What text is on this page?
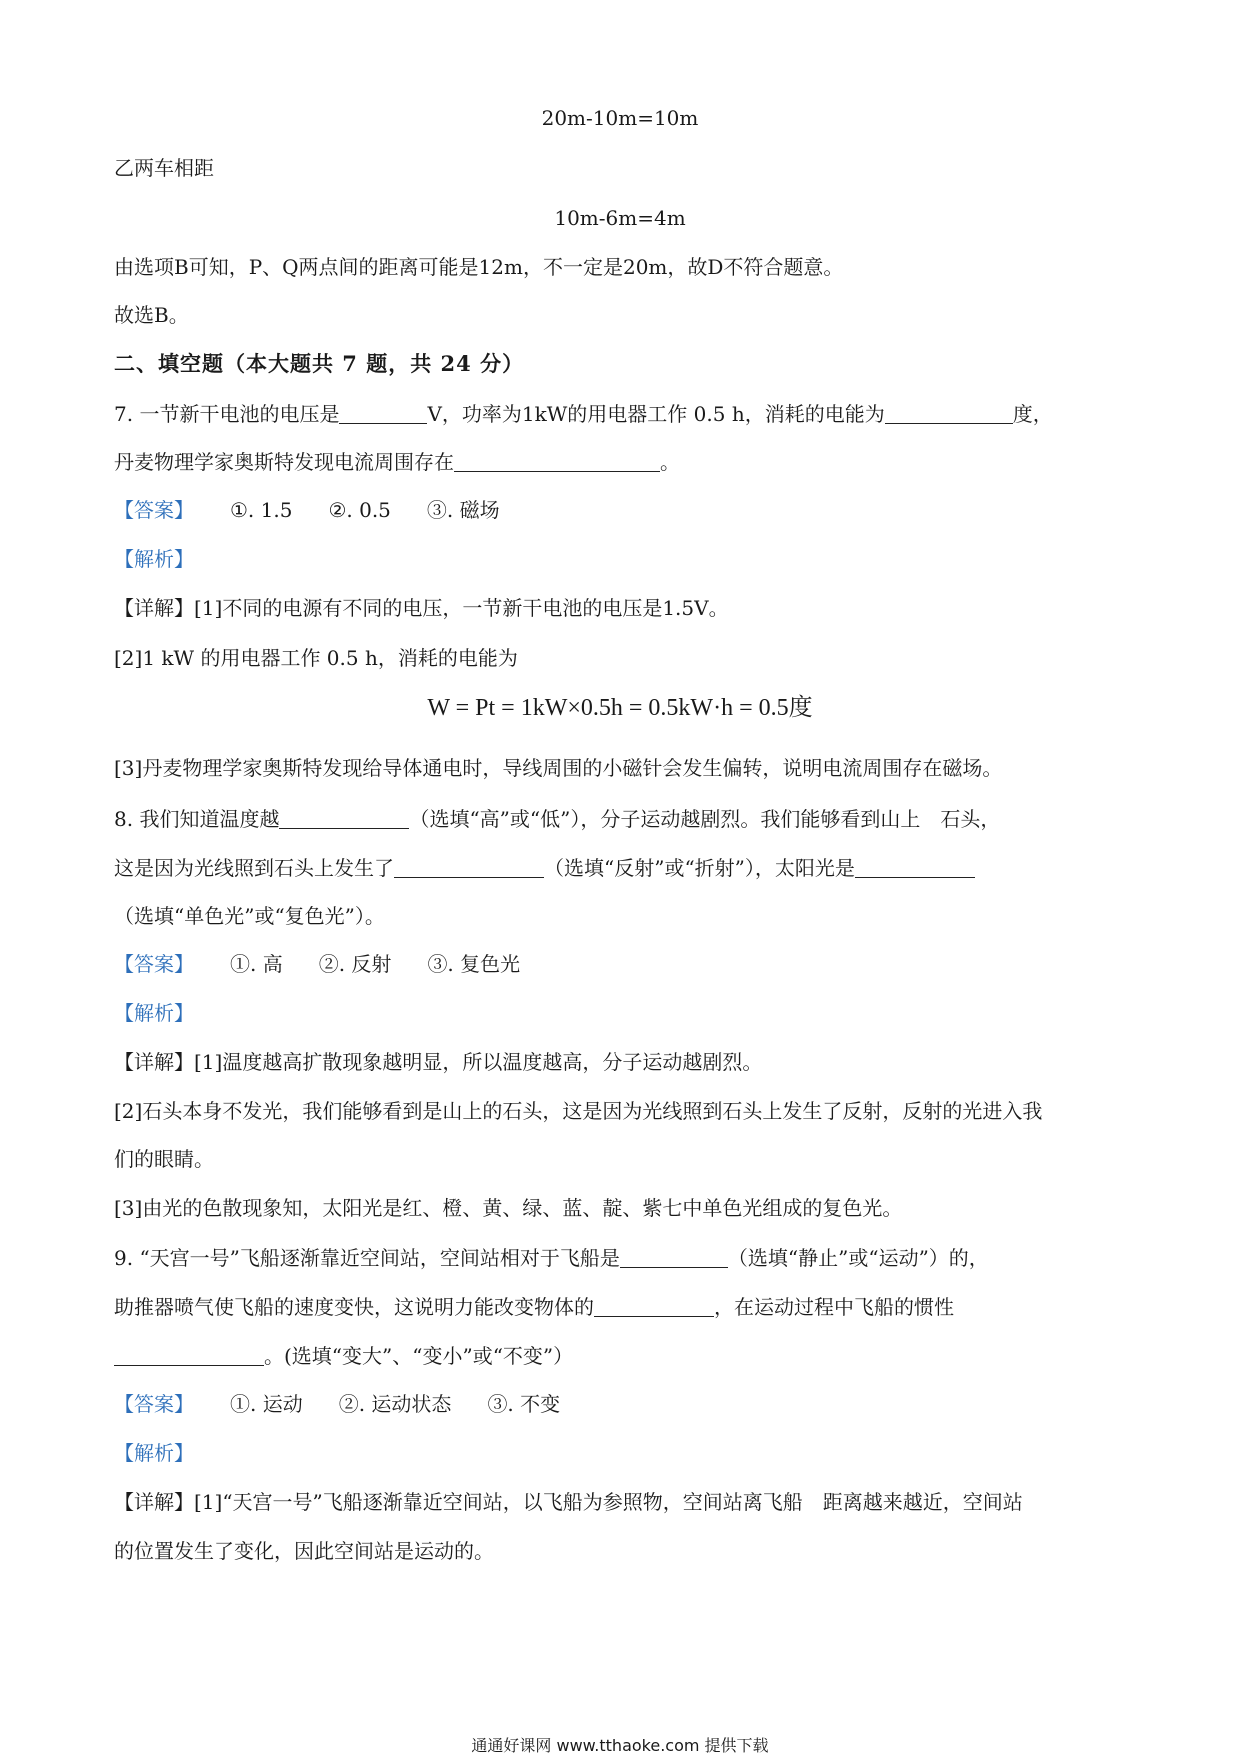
20m-10m=10m
乙两车相距
10m-6m=4m
由选项B可知，P、Q两点间的距离可能是12m，不一定是20m，故D不符合题意。
故选B。
二、填空题（本大题共 7 题，共 24 分）
7. 一节新干电池的电压是	V，功率为1kW的用电器工作 0.5 h，消耗的电能为	度，
丹麦物理学家奥斯特发现电流周围存在	。
【答案】 ①. 1.5 ②. 0.5 ③. 磁场
【解析】
【详解】[1]不同的电源有不同的电压，一节新干电池的电压是1.5V。
[2]1 kW 的用电器工作 0.5 h，消耗的电能为
W = Pt = 1kW×0.5h = 0.5kW·h = 0.5度
[3]丹麦物理学家奥斯特发现给导体通电时，导线周围的小磁针会发生偏转，说明电流周围存在磁场。
8. 我们知道温度越	（选填“高”或“低”），分子运动越剧烈。我们能够看到山上　石头，
这是因为光线照到石头上发生了	（选填“反射”或“折射”），太阳光是
（选填“单色光”或“复色光”）。
【答案】 ①. 高 ②. 反射 ③. 复色光
【解析】
【详解】[1]温度越高扩散现象越明显，所以温度越高，分子运动越剧烈。
[2]石头本身不发光，我们能够看到是山上的石头，这是因为光线照到石头上发生了反射，反射的光进入我
们的眼睛。
[3]由光的色散现象知，太阳光是红、橙、黄、绿、蓝、靛、紫七中单色光组成的复色光。
9. “天宫一号”飞船逐渐靠近空间站，空间站相对于飞船是	（选填“静止”或“运动”）的，
助推器喷气使飞船的速度变快，这说明力能改变物体的	，在运动过程中飞船的惯性
。(选填“变大”、“变小”或“不变”）
【答案】 ①. 运动 ②. 运动状态 ③. 不变
【解析】
【详解】[1]“天宫一号”飞船逐渐靠近空间站，以飞船为参照物，空间站离飞船　距离越来越近，空间站
的位置发生了变化，因此空间站是运动的。
通通好课网 www.tthaoke.com 提供下载
